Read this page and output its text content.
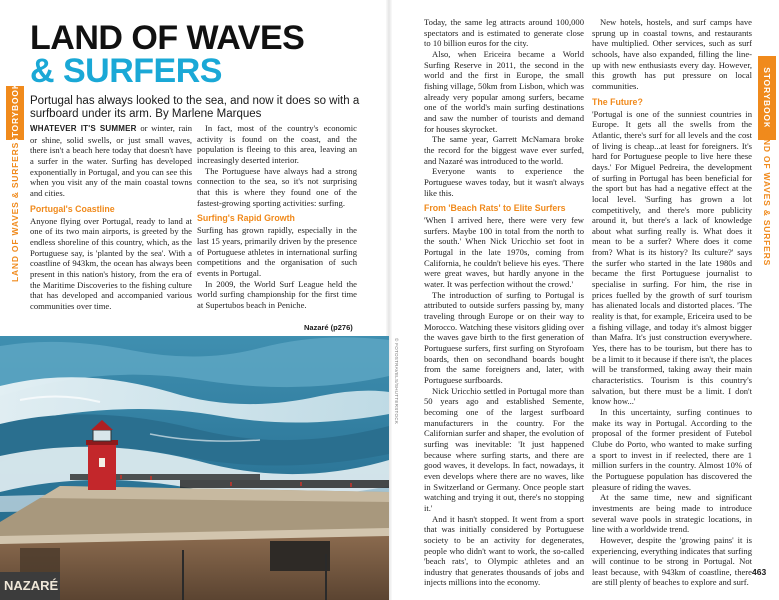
STORYBOOK
LAND OF WAVES & SURFERS
STORYBOOK
LAND OF WAVES & SURFERS
LAND OF WAVES
& SURFERS
Portugal has always looked to the sea, and now it does so with a surfboard under its arm. By Marlene Marques

WHATEVER IT'S SUMMER or winter, rain or shine, solid swells, or just small waves, there isn't a beach here today that doesn't have a surfer in the water. Surfing has developed exponentially in Portugal, and you can see this when you visit any of the main coastal towns and cities.

Portugal's Coastline

Anyone flying over Portugal, ready to land at one of its two main airports, is greeted by the endless shoreline of this country, which, as the Portuguese say, is 'planted by the sea'. With a coastline of 943km, the ocean has always been present in this nation's history, from the era of the Maritime Discoveries to the fishing culture that has developed and accompanied various communities over time.

In fact, most of the country's economic activity is found on the coast, and the population is fleeing to this area, leaving an increasingly deserted interior.

The Portuguese have always had a strong connection to the sea, so it's not surprising that this is where they found one of the fastest-growing sporting activities: surfing.

Surfing's Rapid Growth

Surfing has grown rapidly, especially in the last 15 years, primarily driven by the presence of Portuguese athletes in international surfing competitions and the organisation of such events in Portugal.

In 2009, the World Surf League held the world surfing championship for the first time at Supertubos beach in Peniche.

Nazaré (p276)
© FOTOSTRAVELS/SHUTTERSTOCK
NAZARÉ

Today, the same leg attracts around 100,000 spectators and is estimated to generate close to 10 billion euros for the city.

Also, when Ericeira became a World Surfing Reserve in 2011, the second in the world and the first in Europe, the small fishing village, 50km from Lisbon, which was already very popular among surfers, became one of the world's main surfing destinations and saw the number of tourists and demand for houses skyrocket.

The same year, Garrett McNamara broke the record for the biggest wave ever surfed, and Nazaré was introduced to the world.

Everyone wants to experience the Portuguese waves today, but it wasn't always like this.

From 'Beach Rats' to Elite Surfers

'When I arrived here, there were very few surfers. Maybe 100 in total from the north to the south.' When Nick Uricchio set foot in Portugal in the late 1970s, coming from California, he couldn't believe his eyes. 'There were great waves, but hardly anyone in the water. It was perfection without the crowd.'

The introduction of surfing to Portugal is attributed to outside surfers passing by, many traveling through Europe or on their way to Morocco. Watching these visitors gliding over the waves gave birth to the first generation of Portuguese surfers, first surfing on Styrofoam boards, then on secondhand boards bought from the same foreigners and, later, with Portuguese surfboards.

Nick Uricchio settled in Portugal more than 50 years ago and established Semente, becoming one of the largest surfboard manufacturers in the country. For the Californian surfer and shaper, the evolution of surfing was inevitable: 'It just happened because where surfing starts, and there are good waves, it develops. In fact, nowadays, it even develops where there are no waves, like in Switzerland or Germany. Once people start watching and trying it out, there's no stopping it.'

And it hasn't stopped. It went from a sport that was initially considered by Portuguese society to be an activity for degenerates, people who didn't want to work, the so-called 'beach rats', to Olympic athletes and an industry that generates thousands of jobs and injects millions into the economy.

New hotels, hostels, and surf camps have sprung up in coastal towns, and restaurants have multiplied. Other services, such as surf schools, have also expanded, filling the line-up with new enthusiasts every day. However, this growth has put pressure on local communities.

The Future?

'Portugal is one of the sunniest countries in Europe. It gets all the swells from the Atlantic, there's surf for all levels and the cost of living is cheap...at least for foreigners. It's hard for Portuguese people to live here these days.' For Miguel Pedreira, the development of surfing in Portugal has been beneficial for the sport but has had a negative effect at the local level. 'Surfing has grown a lot competitively, and there's more publicity around it, but there's a lack of knowledge about what surfing really is. What does it mean to be a surfer? Where does it come from? What is its history? Its culture?' says the surfer who started in the late 1980s and became the first Portuguese journalist to specialise in surfing. For him, the rise in prices fuelled by the growth of surf tourism has alienated locals and distorted places. 'The reality is that, for example, Ericeira used to be a fishing village, and today it's almost bigger than Mafra. It's just construction everywhere. Yes, there has to be tourism, but there has to be a limit to it because if there isn't, the places will be transformed, taking away their main characteristics. Tourism is this country's salvation, but there must be a limit. I don't know how...'

In this uncertainty, surfing continues to make its way in Portugal. According to the proposal of the former president of Futebol Clube do Porto, who wanted to make surfing a sport to invest in if reelected, there are 1 million surfers in the country. Almost 10% of the Portuguese population has discovered the pleasure of riding the waves.

At the same time, new and significant investments are being made to introduce several wave pools in strategic locations, in line with a worldwide trend.

However, despite the 'growing pains' it is experiencing, everything indicates that surfing will continue to be strong in Portugal. Not least because, with 943km of coastline, there are still plenty of beaches to explore and surf.

463
